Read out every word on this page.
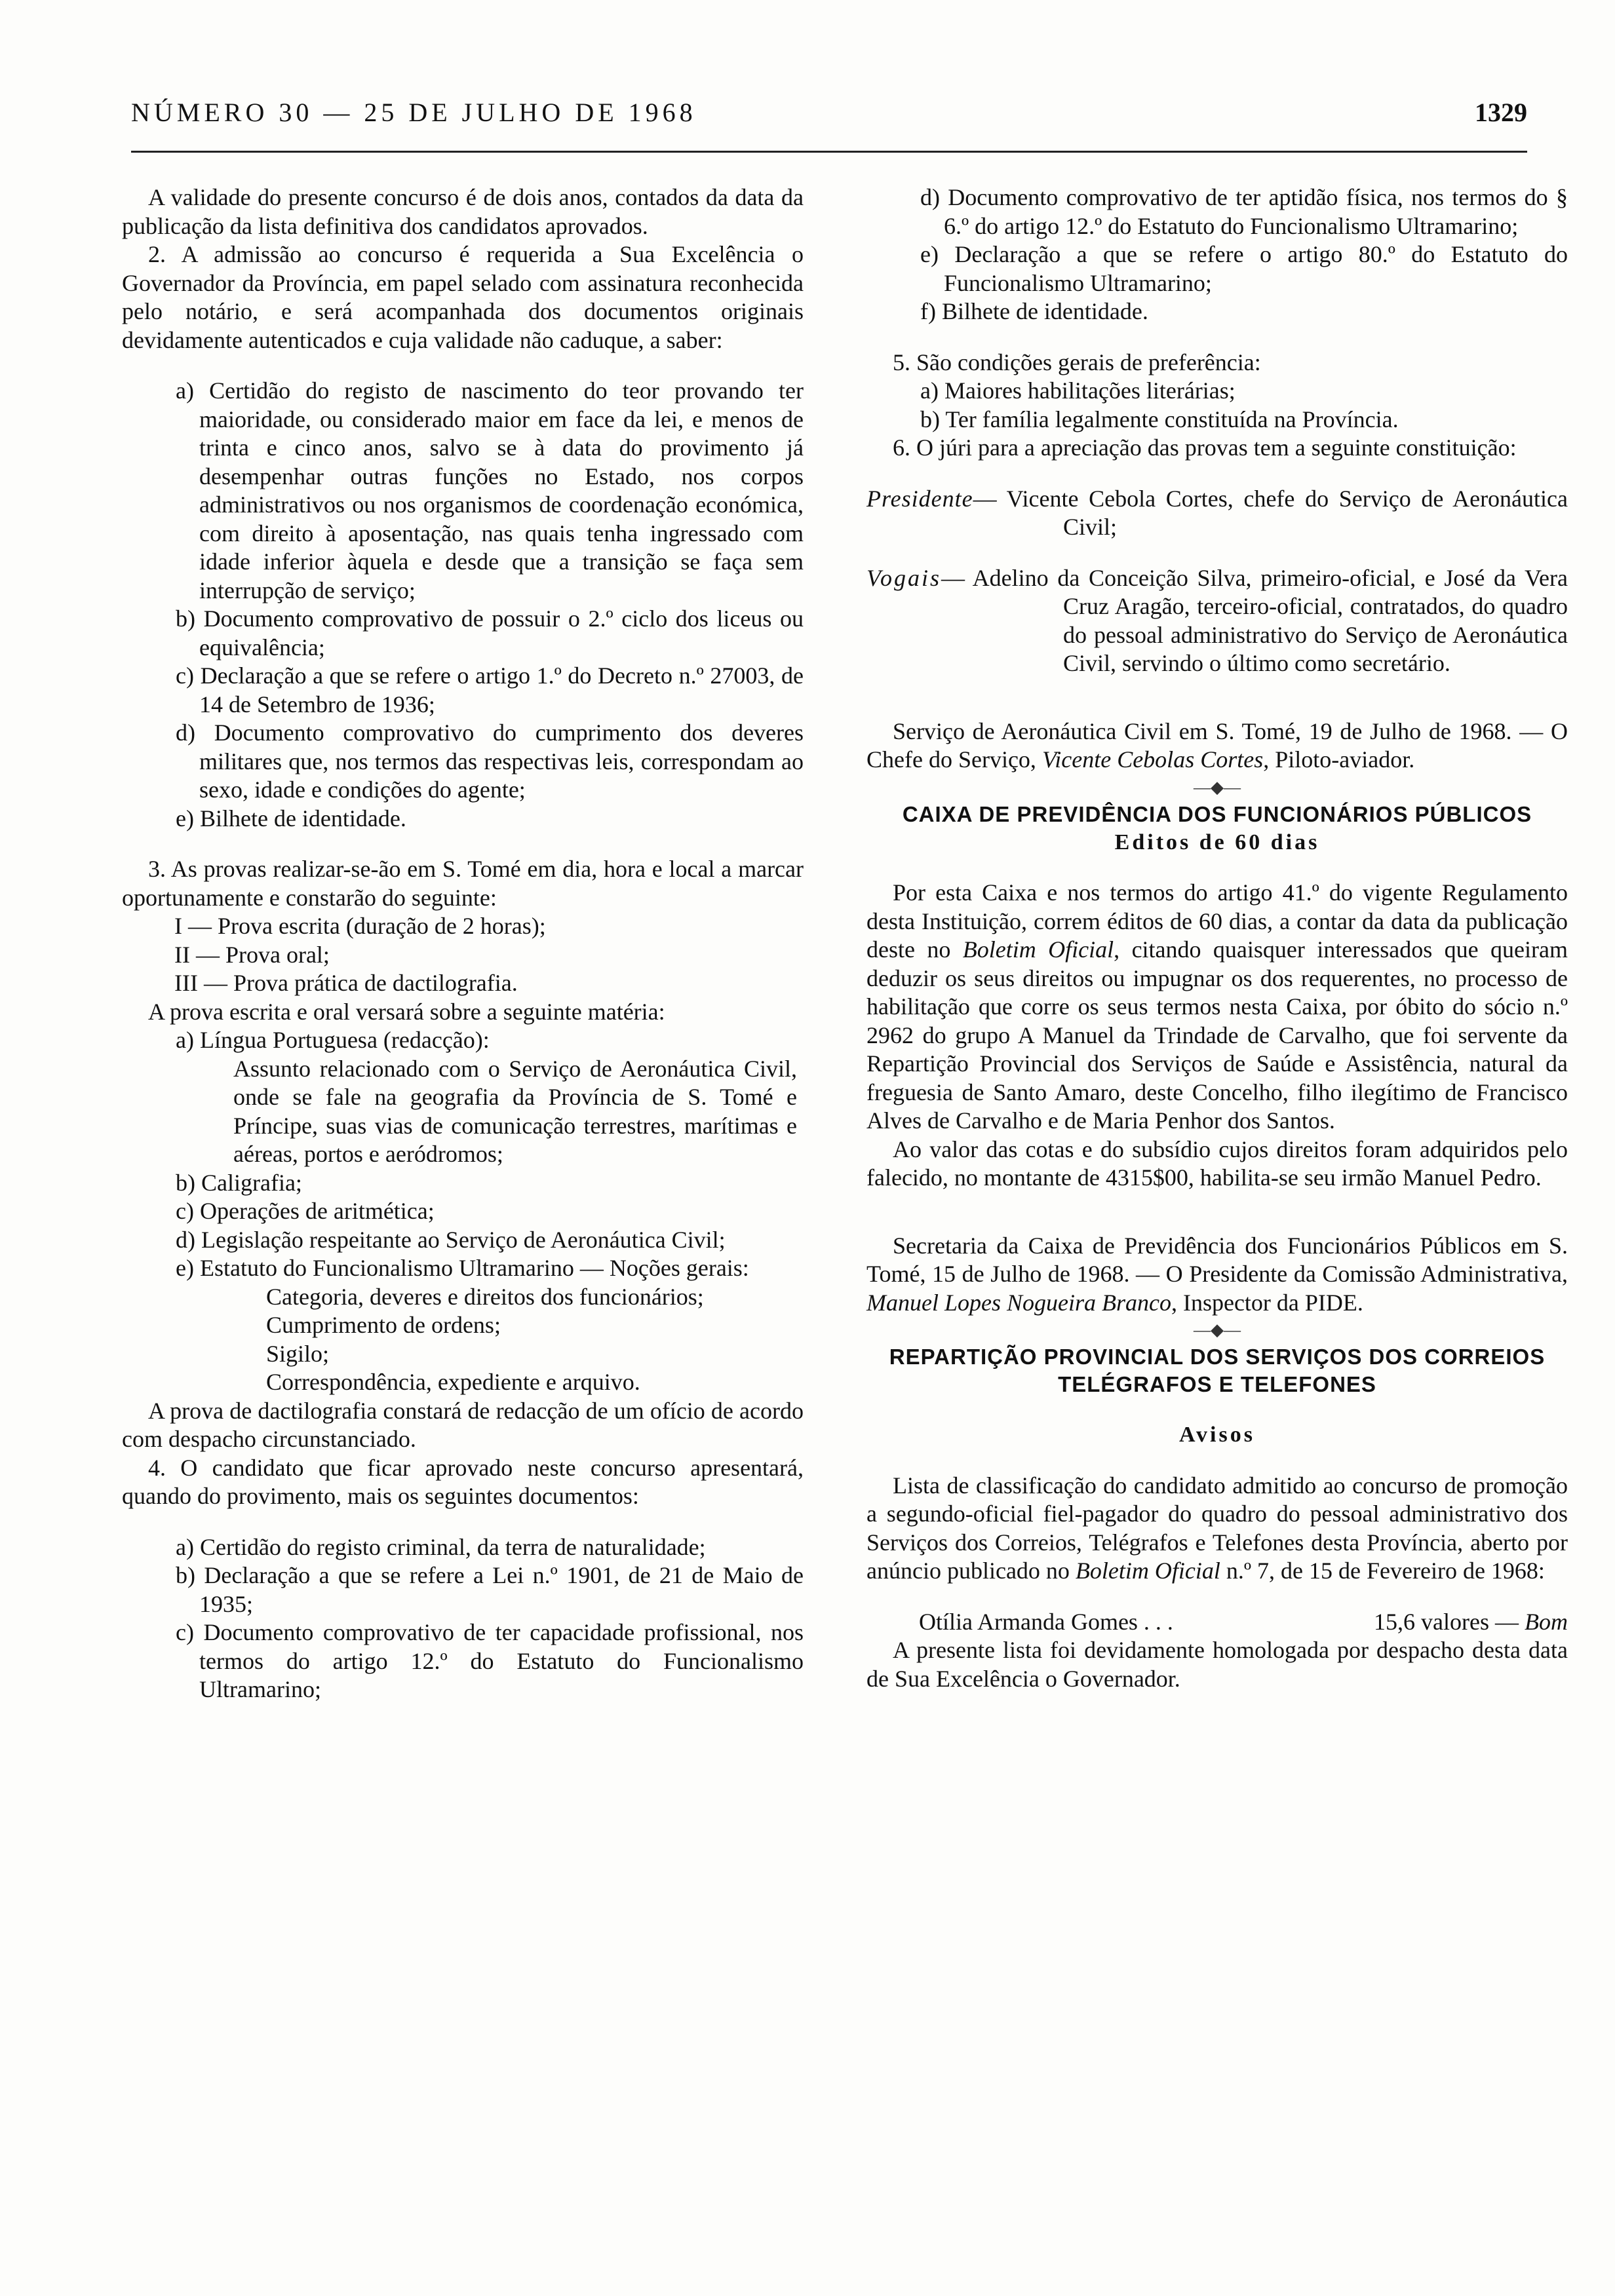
NÚMERO 30 — 25 DE JULHO DE 1968	1329

A validade do presente concurso é de dois anos, contados da data da publicação da lista definitiva dos candidatos aprovados.

2. A admissão ao concurso é requerida a Sua Excelência o Governador da Província, em papel selado com assinatura reconhecida pelo notário, e será acompanhada dos documentos originais devidamente autenticados e cuja validade não caduque, a saber:

a) Certidão do registo de nascimento do teor provando ter maioridade, ou considerado maior em face da lei, e menos de trinta e cinco anos, salvo se à data do provimento já desempenhar outras funções no Estado, nos corpos administrativos ou nos organismos de coordenação económica, com direito à aposentação, nas quais tenha ingressado com idade inferior àquela e desde que a transição se faça sem interrupção de serviço;

b) Documento comprovativo de possuir o 2.º ciclo dos liceus ou equivalência;

c) Declaração a que se refere o artigo 1.º do Decreto n.º 27003, de 14 de Setembro de 1936;

d) Documento comprovativo do cumprimento dos deveres militares que, nos termos das respectivas leis, correspondam ao sexo, idade e condições do agente;

e) Bilhete de identidade.

3. As provas realizar-se-ão em S. Tomé em dia, hora e local a marcar oportunamente e constarão do seguinte:

I — Prova escrita (duração de 2 horas);

II — Prova oral;

III — Prova prática de dactilografia.

A prova escrita e oral versará sobre a seguinte matéria:

a) Língua Portuguesa (redacção):

Assunto relacionado com o Serviço de Aeronáutica Civil, onde se fale na geografia da Província de S. Tomé e Príncipe, suas vias de comunicação terrestres, marítimas e aéreas, portos e aeródromos;

b) Caligrafia;

c) Operações de aritmética;

d) Legislação respeitante ao Serviço de Aeronáutica Civil;

e) Estatuto do Funcionalismo Ultramarino — Noções gerais:

Categoria, deveres e direitos dos funcionários;

Cumprimento de ordens;

Sigilo;

Correspondência, expediente e arquivo.

A prova de dactilografia constará de redacção de um ofício de acordo com despacho circunstanciado.

4. O candidato que ficar aprovado neste concurso apresentará, quando do provimento, mais os seguintes documentos:

a) Certidão do registo criminal, da terra de naturalidade;

b) Declaração a que se refere a Lei n.º 1901, de 21 de Maio de 1935;

c) Documento comprovativo de ter capacidade profissional, nos termos do artigo 12.º do Estatuto do Funcionalismo Ultramarino;

d) Documento comprovativo de ter aptidão física, nos termos do § 6.º do artigo 12.º do Estatuto do Funcionalismo Ultramarino;

e) Declaração a que se refere o artigo 80.º do Estatuto do Funcionalismo Ultramarino;

f) Bilhete de identidade.

5. São condições gerais de preferência:

a) Maiores habilitações literárias;

b) Ter família legalmente constituída na Província.

6. O júri para a apreciação das provas tem a seguinte constituição:

Presidente— Vicente Cebola Cortes, chefe do Serviço de Aeronáutica Civil;

Vogais— Adelino da Conceição Silva, primeiro-oficial, e José da Vera Cruz Aragão, terceiro-oficial, contratados, do quadro do pessoal administrativo do Serviço de Aeronáutica Civil, servindo o último como secretário.

Serviço de Aeronáutica Civil em S. Tomé, 19 de Julho de 1968. — O Chefe do Serviço, Vicente Cebolas Cortes, Piloto-aviador.

—◆—

CAIXA DE PREVIDÊNCIA DOS FUNCIONÁRIOS PÚBLICOS

Editos de 60 dias

Por esta Caixa e nos termos do artigo 41.º do vigente Regulamento desta Instituição, correm éditos de 60 dias, a contar da data da publicação deste no Boletim Oficial, citando quaisquer interessados que queiram deduzir os seus direitos ou impugnar os dos requerentes, no processo de habilitação que corre os seus termos nesta Caixa, por óbito do sócio n.º 2962 do grupo A Manuel da Trindade de Carvalho, que foi servente da Repartição Provincial dos Serviços de Saúde e Assistência, natural da freguesia de Santo Amaro, deste Concelho, filho ilegítimo de Francisco Alves de Carvalho e de Maria Penhor dos Santos.

Ao valor das cotas e do subsídio cujos direitos foram adquiridos pelo falecido, no montante de 4315$00, habilita-se seu irmão Manuel Pedro.

Secretaria da Caixa de Previdência dos Funcionários Públicos em S. Tomé, 15 de Julho de 1968. — O Presidente da Comissão Administrativa, Manuel Lopes Nogueira Branco, Inspector da PIDE.

—◆—

REPARTIÇÃO PROVINCIAL DOS SERVIÇOS DOS CORREIOS

TELÉGRAFOS E TELEFONES

Avisos

Lista de classificação do candidato admitido ao concurso de promoção a segundo-oficial fiel-pagador do quadro do pessoal administrativo dos Serviços dos Correios, Telégrafos e Telefones desta Província, aberto por anúncio publicado no Boletim Oficial n.º 7, de 15 de Fevereiro de 1968:

Otília Armanda Gomes . . .	15,6 valores — Bom

A presente lista foi devidamente homologada por despacho desta data de Sua Excelência o Governador.
